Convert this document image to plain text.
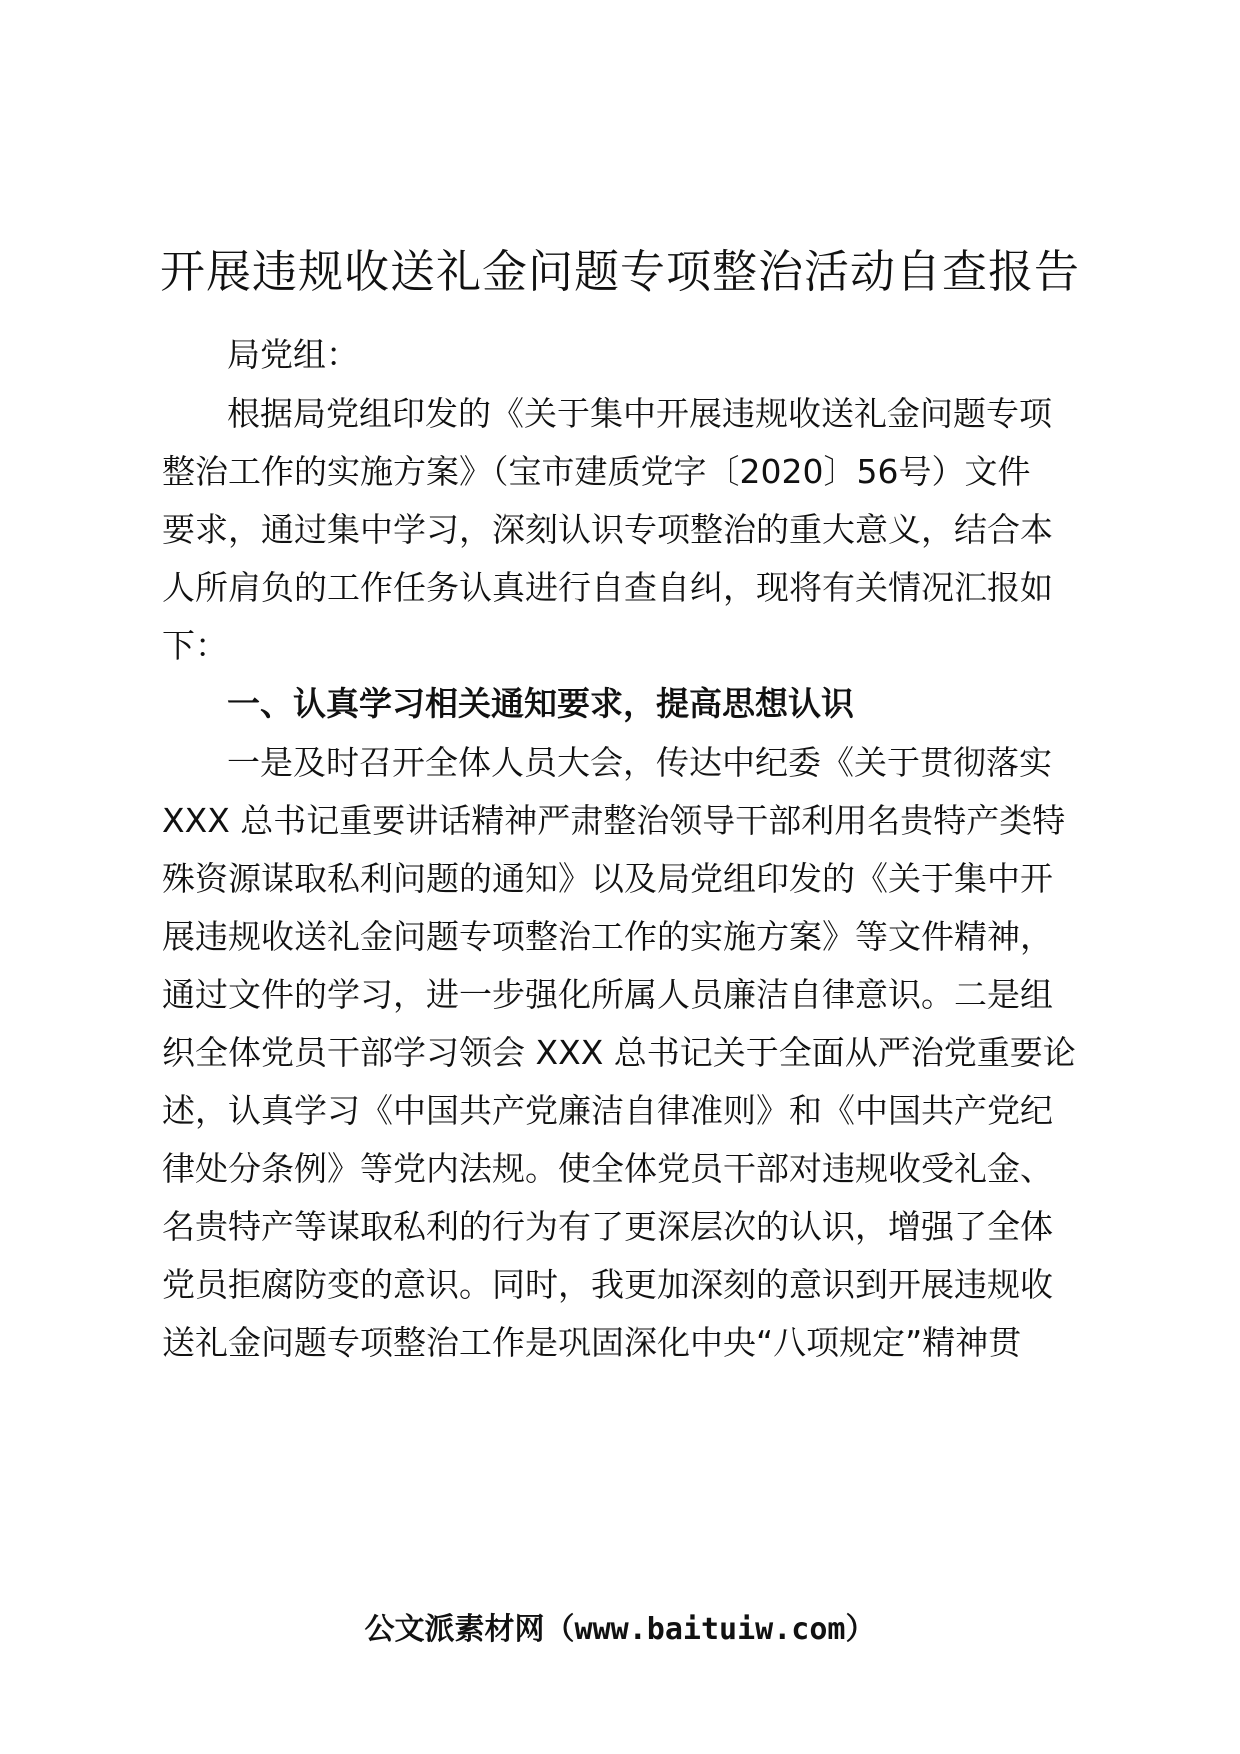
开展违规收送礼金问题专项整治活动自查报告
局党组：
根据局党组印发的《关于集中开展违规收送礼金问题专项
整治工作的实施方案》（宝市建质党字〔2020〕56号）文件
要求，通过集中学习，深刻认识专项整治的重大意义，结合本
人所肩负的工作任务认真进行自查自纠，现将有关情况汇报如
下：
一、认真学习相关通知要求，提高思想认识
一是及时召开全体人员大会，传达中纪委《关于贯彻落实
XXX 总书记重要讲话精神严肃整治领导干部利用名贵特产类特
殊资源谋取私利问题的通知》以及局党组印发的《关于集中开
展违规收送礼金问题专项整治工作的实施方案》等文件精神，
通过文件的学习，进一步强化所属人员廉洁自律意识。二是组
织全体党员干部学习领会 XXX 总书记关于全面从严治党重要论
述，认真学习《中国共产党廉洁自律准则》和《中国共产党纪
律处分条例》等党内法规。使全体党员干部对违规收受礼金、
名贵特产等谋取私利的行为有了更深层次的认识，增强了全体
党员拒腐防变的意识。同时，我更加深刻的意识到开展违规收
送礼金问题专项整治工作是巩固深化中央“八项规定”精神贯
公文派素材网（www.baituiw.com）
